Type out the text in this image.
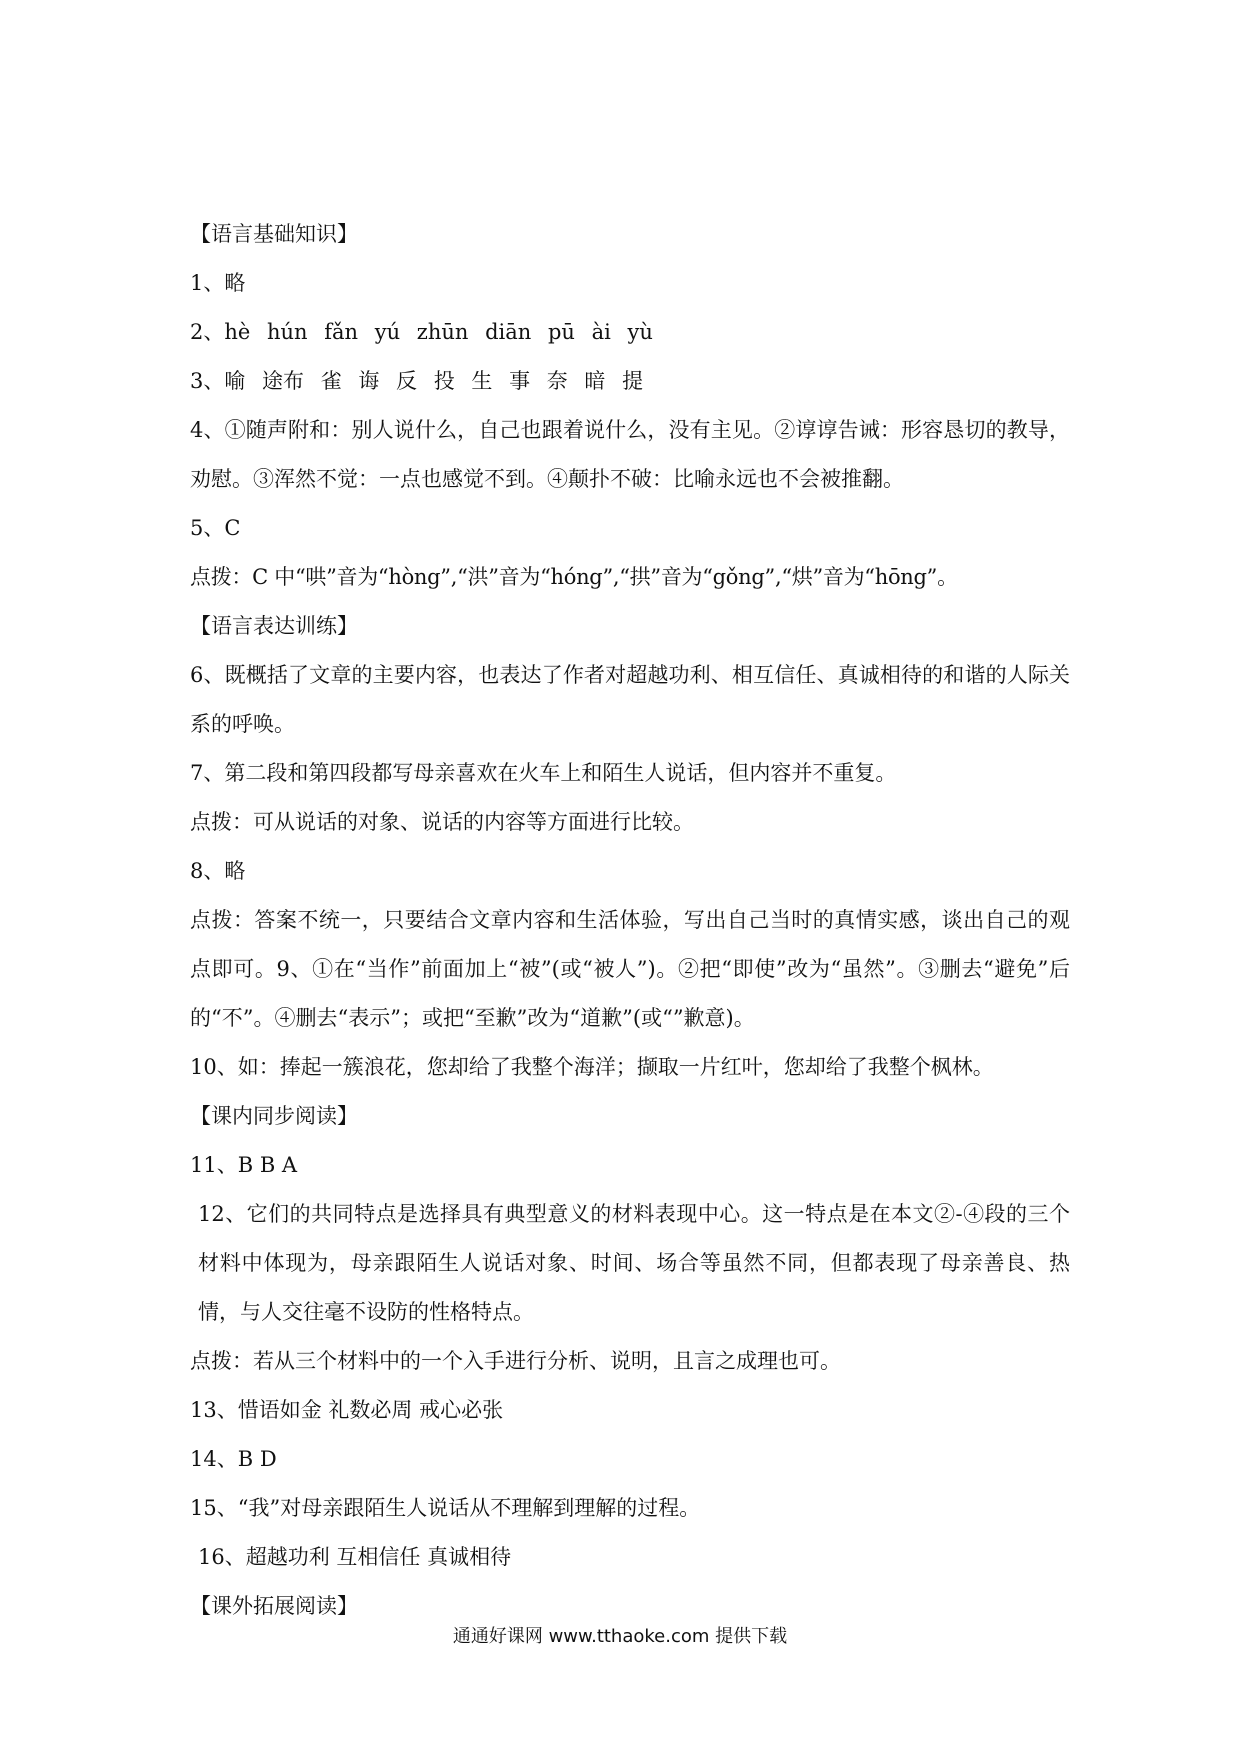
【语言基础知识】

1、略

2、hè hún fǎn yú zhūn diān pū ài yù

3、喻 途布 雀 诲 反 投 生 事 奈 暗 提

4、①随声附和：别人说什么，自己也跟着说什么，没有主见。②谆谆告诫：形容恳切的教导，劝慰。③浑然不觉：一点也感觉不到。④颠扑不破：比喻永远也不会被推翻。

5、C

点拨：C 中“哄”音为“hòng”,“洪”音为“hóng”,“拱”音为“gǒng”,“烘”音为“hōng”。

【语言表达训练】

6、既概括了文章的主要内容，也表达了作者对超越功利、相互信任、真诚相待的和谐的人际关系的呼唤。

7、第二段和第四段都写母亲喜欢在火车上和陌生人说话，但内容并不重复。

点拨：可从说话的对象、说话的内容等方面进行比较。

8、略

点拨：答案不统一，只要结合文章内容和生活体验，写出自己当时的真情实感，谈出自己的观点即可。9、①在“当作”前面加上“被”(或“被人”)。②把“即使”改为“虽然”。③删去“避免”后的“不”。④删去“表示”；或把“至歉”改为“道歉”(或“”歉意)。

10、如：捧起一簇浪花，您却给了我整个海洋；撷取一片红叶，您却给了我整个枫林。

【课内同步阅读】

11、B B A

12、它们的共同特点是选择具有典型意义的材料表现中心。这一特点是在本文②-④段的三个材料中体现为，母亲跟陌生人说话对象、时间、场合等虽然不同，但都表现了母亲善良、热情，与人交往毫不设防的性格特点。

点拨：若从三个材料中的一个入手进行分析、说明，且言之成理也可。

13、惜语如金 礼数必周 戒心必张

14、B D

15、“我”对母亲跟陌生人说话从不理解到理解的过程。

16、超越功利 互相信任 真诚相待

【课外拓展阅读】

通通好课网 www.tthaoke.com 提供下载
